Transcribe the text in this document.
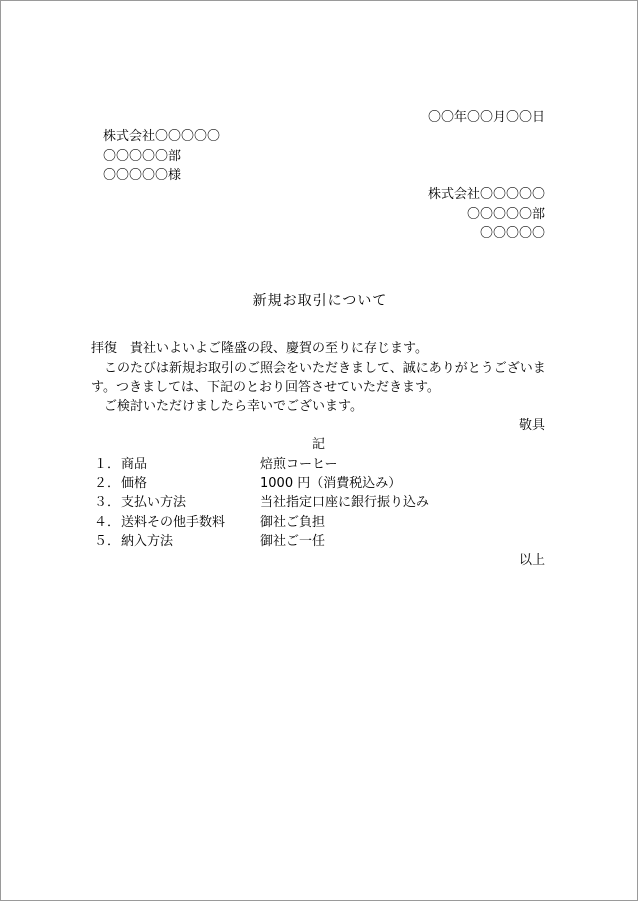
〇〇年〇〇月〇〇日
株式会社〇〇〇〇〇
〇〇〇〇〇部
〇〇〇〇〇様
株式会社〇〇〇〇〇
〇〇〇〇〇部
〇〇〇〇〇
新規お取引について
拝復　貴社いよいよご隆盛の段、慶賀の至りに存じます。
このたびは新規お取引のご照会をいただきまして、誠にありがとうございま
す。つきましては、下記のとおり回答させていただきます。
ご検討いただけましたら幸いでございます。
敬具
記
１． 商品	焙煎コーヒー
２． 価格	1000 円（消費税込み）
３． 支払い方法	当社指定口座に銀行振り込み
４． 送料その他手数料	御社ご負担
５． 納入方法	御社ご一任
以上
